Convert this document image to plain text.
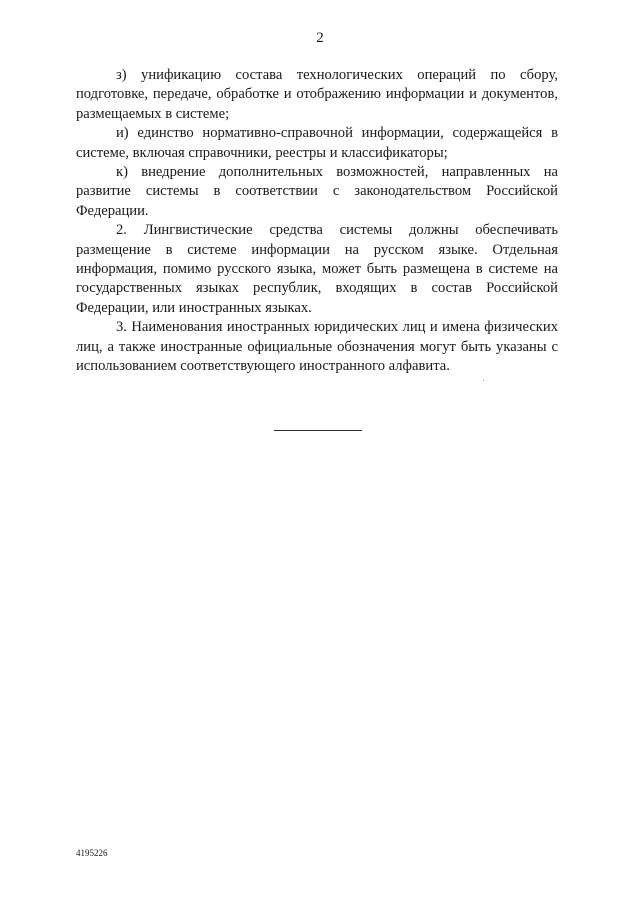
2

з) унификацию состава технологических операций по сбору, подготовке, передаче, обработке и отображению информации и документов, размещаемых в системе;

и) единство нормативно-справочной информации, содержащейся в системе, включая справочники, реестры и классификаторы;

к) внедрение дополнительных возможностей, направленных на развитие системы в соответствии с законодательством Российской Федерации.

2. Лингвистические средства системы должны обеспечивать размещение в системе информации на русском языке. Отдельная информация, помимо русского языка, может быть размещена в системе на государственных языках республик, входящих в состав Российской Федерации, или иностранных языках.

3. Наименования иностранных юридических лиц и имена физических лиц, а также иностранные официальные обозначения могут быть указаны с использованием соответствующего иностранного алфавита.

4195226
